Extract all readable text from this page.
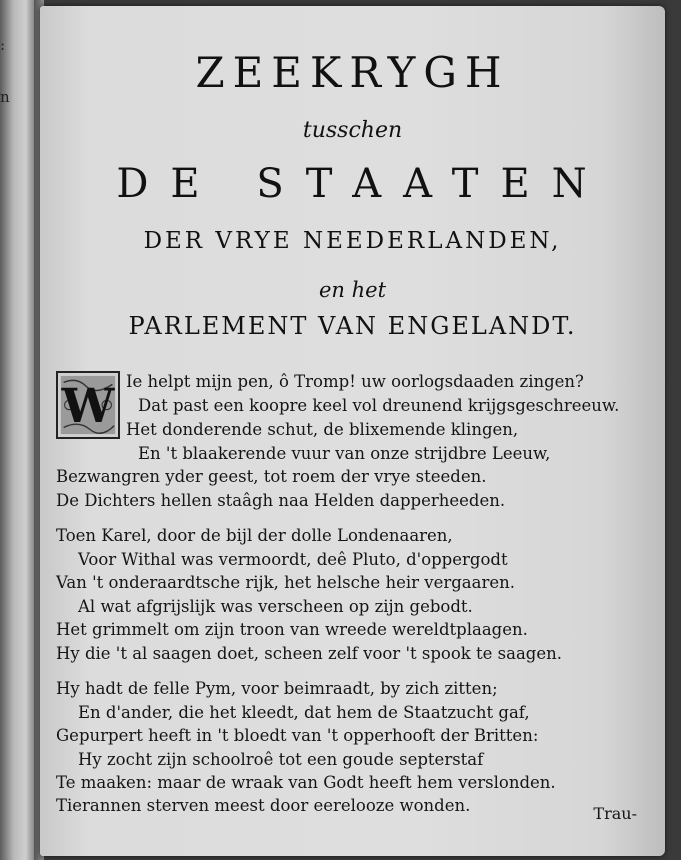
:
n	ZEEKRYGH
tusschen
DE STAATEN
DER VRYE NEEDERLANDEN,
en het
PARLEMENT VAN ENGELANDT.
W Ie helpt mijn pen, ô Tromp! uw oorlogsdaaden zingen?
Dat past een koopre keel vol dreunend krijgsgeschreeuw.
Het donderende schut, de blixemende klingen,
En 't blaakerende vuur van onze strijdbre Leeuw,
Bezwangren yder geest, tot roem der vrye steeden.
De Dichters hellen staâgh naa Helden dapperheeden.
Toen Karel, door de bijl der dolle Londenaaren,
Voor Withal was vermoordt, deê Pluto, d'oppergodt
Van 't onderaardtsche rijk, het helsche heir vergaaren.
Al wat afgrijslijk was verscheen op zijn gebodt.
Het grimmelt om zijn troon van wreede wereldtplaagen.
Hy die 't al saagen doet, scheen zelf voor 't spook te saagen.
Hy hadt de felle Pym, voor beimraadt, by zich zitten;
En d'ander, die het kleedt, dat hem de Staatzucht gaf,
Gepurpert heeft in 't bloedt van 't opperhooft der Britten:
Hy zocht zijn schoolroê tot een goude septerstaf
Te maaken: maar de wraak van Godt heeft hem verslonden.
Tierannen sterven meest door eereloоze wonden.	Trau-
